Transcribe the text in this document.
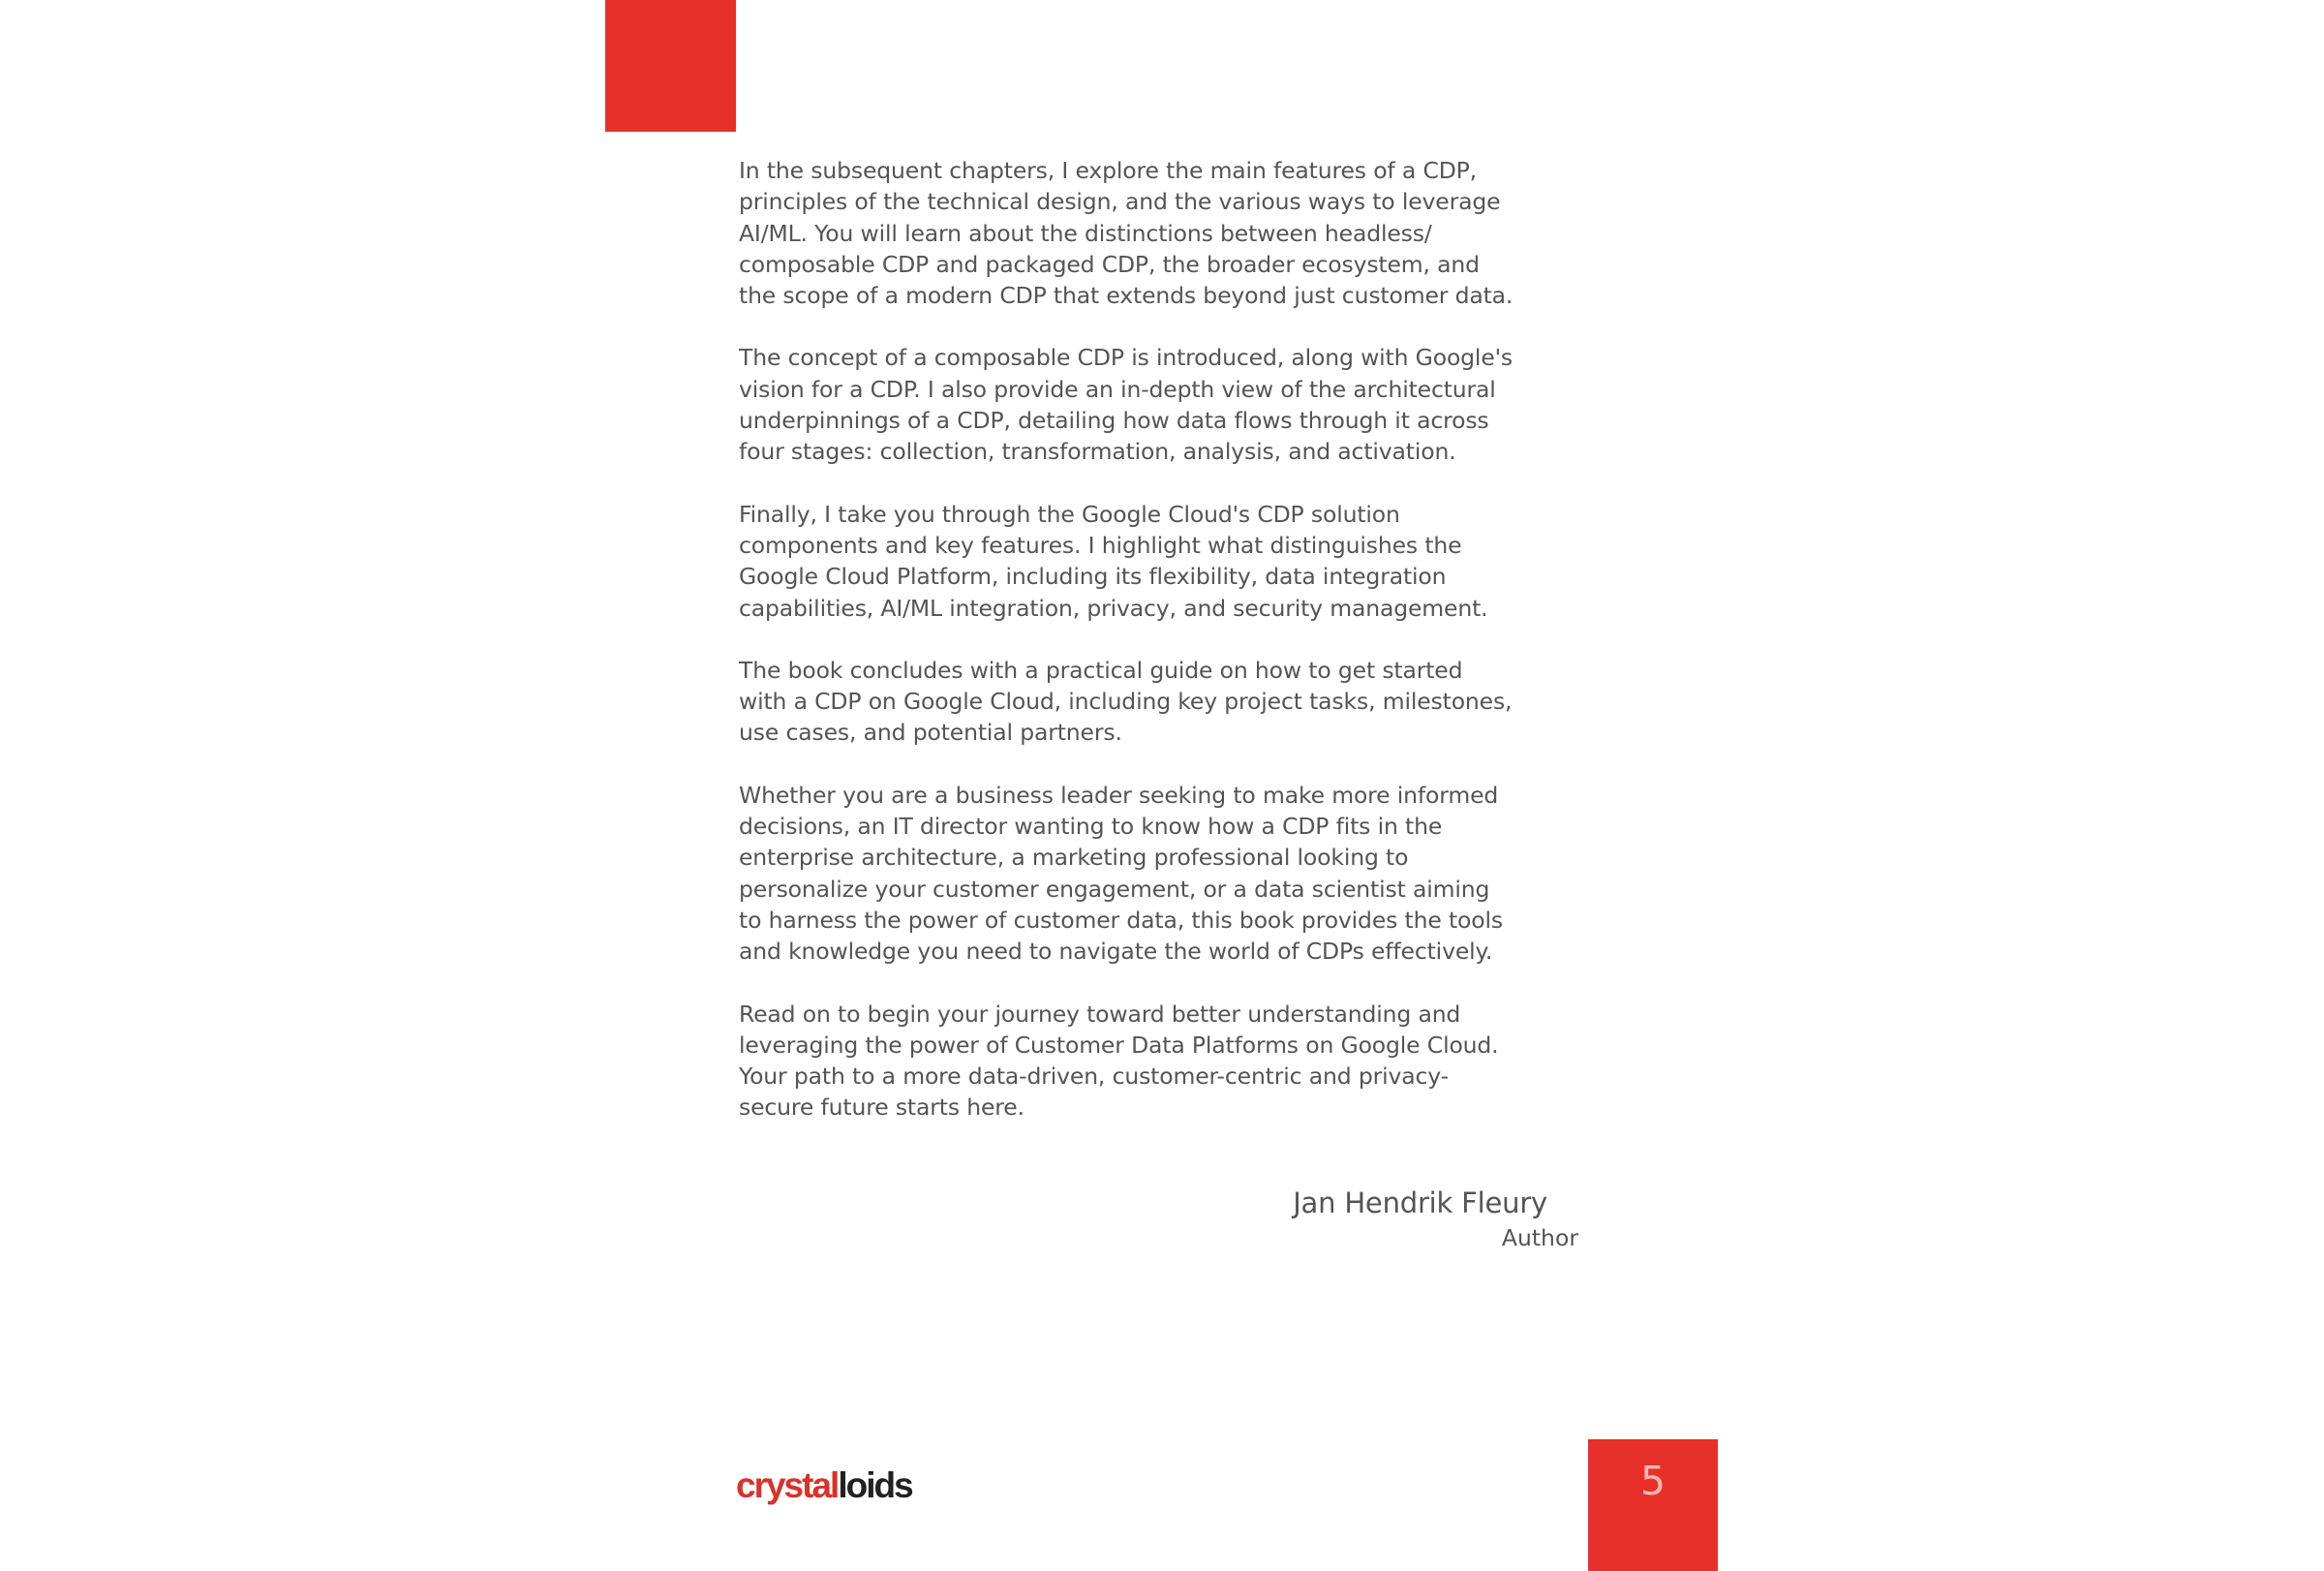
In the subsequent chapters, I explore the main features of a CDP, principles of the technical design, and the various ways to leverage AI/ML. You will learn about the distinctions between headless/ composable CDP and packaged CDP, the broader ecosystem, and the scope of a modern CDP that extends beyond just customer data.

The concept of a composable CDP is introduced, along with Google's vision for a CDP. I also provide an in-depth view of the architectural underpinnings of a CDP, detailing how data flows through it across four stages: collection, transformation, analysis, and activation.

Finally, I take you through the Google Cloud's CDP solution components and key features. I highlight what distinguishes the Google Cloud Platform, including its flexibility, data integration capabilities, AI/ML integration, privacy, and security management.

The book concludes with a practical guide on how to get started with a CDP on Google Cloud, including key project tasks, milestones, use cases, and potential partners.

Whether you are a business leader seeking to make more informed decisions, an IT director wanting to know how a CDP fits in the enterprise architecture, a marketing professional looking to personalize your customer engagement, or a data scientist aiming to harness the power of customer data, this book provides the tools and knowledge you need to navigate the world of CDPs effectively.

Read on to begin your journey toward better understanding and leveraging the power of Customer Data Platforms on Google Cloud. Your path to a more data-driven, customer-centric and privacy-secure future starts here.

Jan Hendrik Fleury
Author
crystalloids	5
